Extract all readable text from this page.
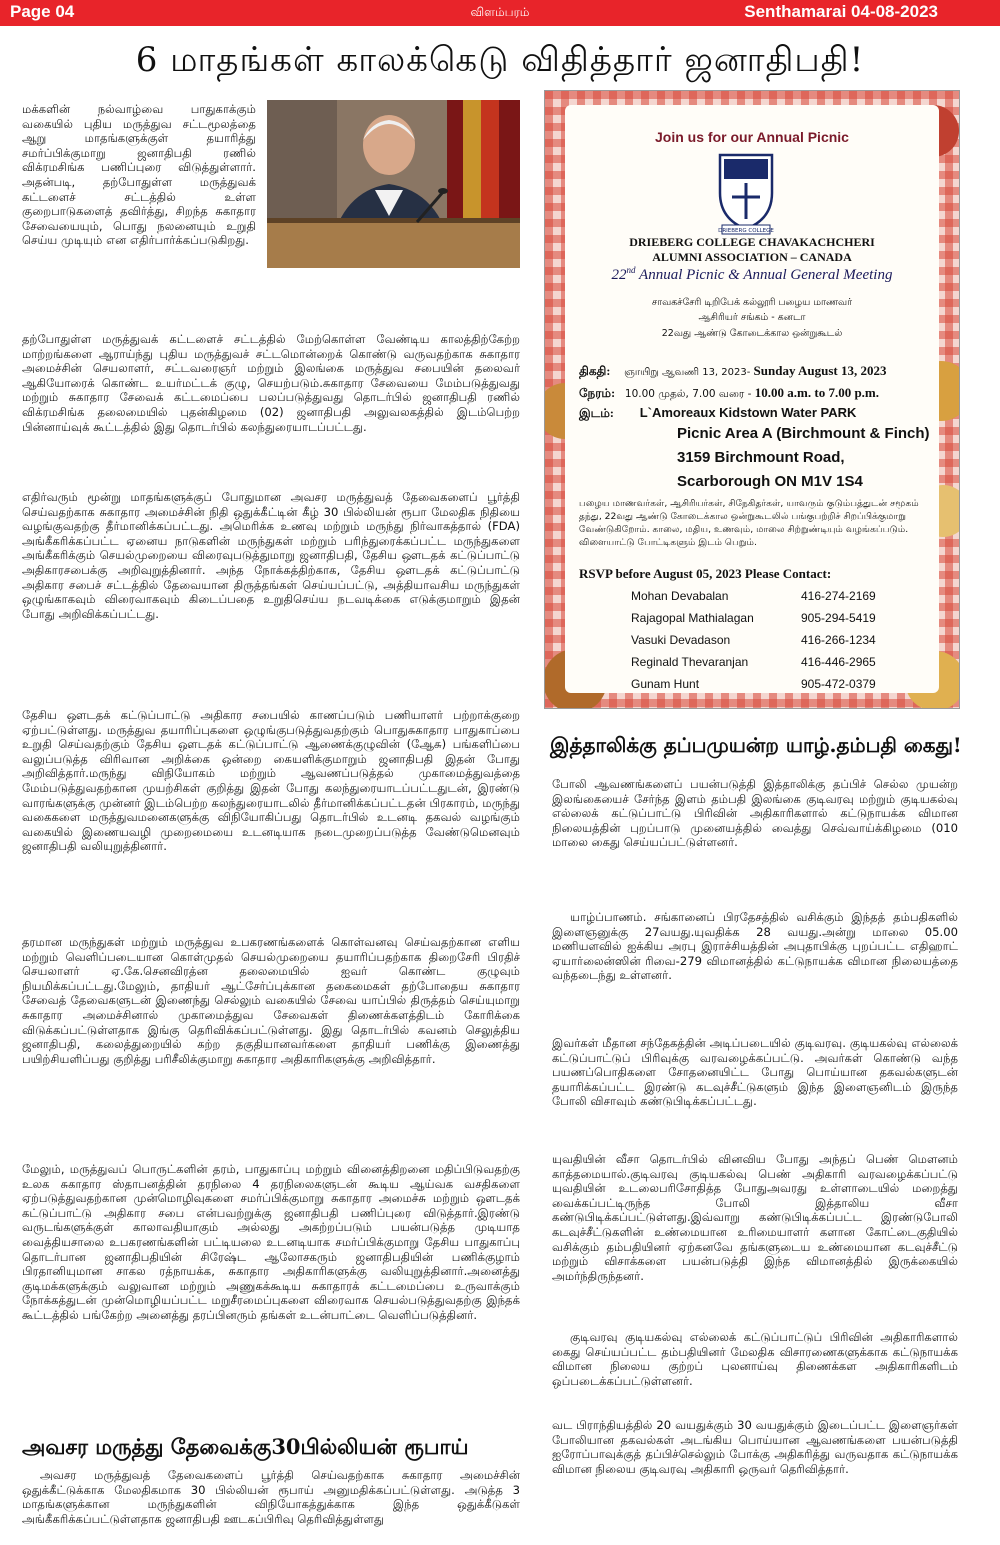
Page 04	விளம்பரம்	Senthamarai 04-08-2023
6 மாதங்கள் காலக்கெடு விதித்தார் ஜனாதிபதி!

மக்களின் நல்வாழ்வை பாதுகாக்கும் வகையில் புதிய மருத்துவ சட்டமூலத்தை ஆறு மாதங்களுக்குள் தயாரித்து சமர்ப்பிக்குமாறு ஜனாதிபதி ரணில் விக்ரமசிங்க பணிப்புரை விடுத்துள்ளார். அதன்படி, தற்போதுள்ள மருத்துவக் கட்டளைச் சட்டத்தில் உள்ள குறைபாடுகளைத் தவிர்த்து, சிறந்த சுகாதார சேவையையும், பொது நலனையும் உறுதி செய்ய முடியும் என எதிர்பார்க்கப்படுகிறது.

தற்போதுள்ள மருத்துவக் கட்டளைச் சட்டத்தில் மேற்கொள்ள வேண்டிய காலத்திற்கேற்ற மாற்றங்களை ஆராய்ந்து புதிய மருத்துவச் சட்டமொன்றைக் கொண்டு வருவதற்காக சுகாதார அமைச்சின் செயலாளர், சட்டவரைஞர் மற்றும் இலங்கை மருத்துவ சபையின் தலைவர் ஆகியோரைக் கொண்ட உயர்மட்டக் குழு, செயற்படும்.சுகாதார சேவையை மேம்படுத்துவது மற்றும் சுகாதார சேவைக் கட்டமைப்பை பலப்படுத்துவது தொடர்பில் ஜனாதிபதி ரணில் விக்ரமசிங்க தலைமையில் புதன்கிழமை (02) ஜனாதிபதி அலுவலகத்தில் இடம்பெற்ற பின்னாய்வுக் கூட்டத்தில் இது தொடர்பில் கலந்துரையாடப்பட்டது.

எதிர்வரும் மூன்று மாதங்களுக்குப் போதுமான அவசர மருத்துவத் தேவைகளைப் பூர்த்தி செய்வதற்காக சுகாதார அமைச்சின் நிதி ஒதுக்கீட்டின் கீழ் 30 பில்லியன் ரூபா மேலதிக நிதியை வழங்குவதற்கு தீர்மானிக்கப்பட்டது. அமெரிக்க உணவு மற்றும் மருந்து நிர்வாகத்தால் (FDA) அங்கீகரிக்கப்பட்ட ஏனைய நாடுகளின் மருந்துகள் மற்றும் பரிந்துரைக்கப்பட்ட மருந்துகளை அங்கீகரிக்கும் செயல்முறையை விரைவுபடுத்துமாறு ஜனாதிபதி, தேசிய ஔடதக் கட்டுப்பாட்டு அதிகாரசபைக்கு அறிவுறுத்தினார். அந்த நோக்கத்திற்காக, தேசிய ஔடதக் கட்டுப்பாட்டு அதிகார சபைச் சட்டத்தில் தேவையான திருத்தங்கள் செய்யப்பட்டு, அத்தியாவசிய மருந்துகள் ஒழுங்காகவும் விரைவாகவும் கிடைப்பதை உறுதிசெய்ய நடவடிக்கை எடுக்குமாறும் இதன் போது அறிவிக்கப்பட்டது.

தேசிய ஔடதக் கட்டுப்பாட்டு அதிகார சபையில் காணப்படும் பணியாளர் பற்றாக்குறை ஏற்பட்டுள்ளது. மருத்துவ தயாரிப்புகளை ஒழுங்குபடுத்துவதற்கும் பொதுசுகாதார பாதுகாப்பை உறுதி செய்வதற்கும் தேசிய ஔடதக் கட்டுப்பாட்டு ஆணைக்குழுவின் (ஆேசு) பங்களிப்பை வலுப்படுத்த விரிவான அறிக்கை ஒன்றை கையளிக்குமாறும் ஜனாதிபதி இதன் போது அறிவித்தார்.மருந்து விநியோகம் மற்றும் ஆவணப்படுத்தல் முகாமைத்துவத்தை மேம்படுத்துவதற்கான முயற்சிகள் குறித்து இதன் போது கலந்துரையாடப்பட்டதுடன், இரண்டு வாரங்களுக்கு முன்னர் இடம்பெற்ற கலந்துரையாடலில் தீர்மானிக்கப்பட்டதன் பிரகாரம், மருந்து வகைகளை மருத்துவமனைகளுக்கு விநியோகிப்பது தொடர்பில் உடனடி தகவல் வழங்கும் வகையில் இணையவழி முறைமையை உடனடியாக நடைமுறைப்படுத்த வேண்டுமெனவும் ஜனாதிபதி வலியுறுத்தினார்.

தரமான மருந்துகள் மற்றும் மருத்துவ உபகரணங்களைக் கொள்வனவு செய்வதற்கான எளிய மற்றும் வெளிப்படையான கொள்முதல் செயல்முறையை தயாரிப்பதற்காக திறைசேரி பிரதிச் செயலாளர் ஏ.கே.செனவிரத்ன தலைமையில் ஐவர் கொண்ட குழுவும் நியமிக்கப்பட்டது.மேலும், தாதியர் ஆட்சேர்ப்புக்கான தகைமைகள் தற்போதைய சுகாதார சேவைத் தேவைகளுடன் இணைந்து செல்லும் வகையில் சேவை யாப்பில் திருத்தம் செய்யுமாறு சுகாதார அமைச்சினால் முகாமைத்துவ சேவைகள் திணைக்களத்திடம் கோரிக்கை விடுக்கப்பட்டுள்ளதாக இங்கு தெரிவிக்கப்பட்டுள்ளது. இது தொடர்பில் கவனம் செலுத்திய ஜனாதிபதி, கலைத்துறையில் கற்ற தகுதியானவர்களை தாதியர் பணிக்கு இணைத்து பயிற்சியளிப்பது குறித்து பரிசீலிக்குமாறு சுகாதார அதிகாரிகளுக்கு அறிவித்தார்.

மேலும், மருத்துவப் பொருட்களின் தரம், பாதுகாப்பு மற்றும் வினைத்திறனை மதிப்பிடுவதற்கு உலக சுகாதார ஸ்தாபனத்தின் தரநிலை 4 தரநிலைகளுடன் கூடிய ஆய்வக வசதிகளை ஏற்படுத்துவதற்கான முன்மொழிவுகளை சமர்ப்பிக்குமாறு சுகாதார அமைச்சு மற்றும் ஔடதக் கட்டுப்பாட்டு அதிகார சபை என்பவற்றுக்கு ஜனாதிபதி பணிப்புரை விடுத்தார்.இரண்டு வருடங்களுக்குள் காலாவதியாகும் அல்லது அகற்றப்படும் பயன்படுத்த முடியாத வைத்தியசாலை உபகரணங்களின் பட்டியலை உடனடியாக சமர்ப்பிக்குமாறு தேசிய பாதுகாப்பு தொடர்பான ஜனாதிபதியின் சிரேஷ்ட ஆலோசகரும் ஜனாதிபதியின் பணிக்குழாம் பிரதானியுமான சாகல ரத்நாயக்க, சுகாதார அதிகாரிகளுக்கு வலியுறுத்தினார்.அனைத்து குடிமக்களுக்கும் வலுவான மற்றும் அணுகக்கூடிய சுகாதாரக் கட்டமைப்பை உருவாக்கும் நோக்கத்துடன் முன்மொழியப்பட்ட மறுசீரமைப்புகளை விரைவாக செயல்படுத்துவதற்கு இந்தக் கூட்டத்தில் பங்கேற்ற அனைத்து தரப்பினரும் தங்கள் உடன்பாட்டை வெளிப்படுத்தினர்.

அவசர மருத்து தேவைக்கு30பில்லியன் ரூபாய்

அவசர மருத்துவத் தேவைகளைப் பூர்த்தி செய்வதற்காக சுகாதார அமைச்சின் ஒதுக்கீட்டுக்காக மேலதிகமாக 30 பில்லியன் ரூபாய் அனுமதிக்கப்பட்டுள்ளது. அடுத்த 3 மாதங்களுக்கான மருந்துகளின் விநியோகத்துக்காக இந்த ஒதுக்கீடுகள் அங்கீகரிக்கப்பட்டுள்ளதாக ஜனாதிபதி ஊடகப்பிரிவு தெரிவித்துள்ளது

Join us for our Annual Picnic
DRIEBERG COLLEGE
DRIEBERG COLLEGE CHAVAKACHCHERI
ALUMNI ASSOCIATION – CANADA
22nd Annual Picnic & Annual General Meeting
சாவகச்சேரி டிறிபேக் கல்லூரி பழைய மாணவர்
ஆசிரியர் சங்கம் - கனடா
22வது ஆண்டு கோடைக்கால ஒன்றுகூடல்
திகதி: ஞாயிறு ஆவணி 13, 2023- Sunday August 13, 2023
நேரம்: 10.00 முதல், 7.00 வரை - 10.00 a.m. to 7.00 p.m.
இடம்: L`Amoreaux Kidstown Water PARK
Picnic Area A (Birchmount & Finch)
3159 Birchmount Road,
Scarborough ON M1V 1S4
பழைய மாணவர்கள், ஆசிரியர்கள், சிநேகிதர்கள், யாவரும் குடும்பத்துடன் சமூகம் தந்து, 22வது ஆண்டு கோடைக்கால ஒன்றுகூடலில் பங்குபற்றிச் சிறப்பிக்குமாறு வேண்டுகிறோம். காலை, மதிய, உணவும், மாலை சிற்றுண்டியும் வழங்கப்படும். விளையாட்டு போட்டிகளும் இடம் பெறும்.
RSVP before August 05, 2023 Please Contact:
Mohan Devabalan	416-274-2169
Rajagopal Mathialagan	905-294-5419
Vasuki Devadason	416-266-1234
Reginald Thevaranjan	416-446-2965
Gunam Hunt	905-472-0379
இத்தாலிக்கு தப்பமுயன்ற யாழ்.தம்பதி கைது!

போலி ஆவணங்களைப் பயன்படுத்தி இத்தாலிக்கு தப்பிச் செல்ல முயன்ற இலங்கையைச் சேர்ந்த இளம் தம்பதி இலங்கை குடிவரவு மற்றும் குடியகல்வு எல்லைக் கட்டுப்பாட்டு பிரிவின் அதிகாரிகளால் கட்டுநாயக்க விமான நிலையத்தின் புறப்பாடு முனையத்தில் வைத்து செவ்வாய்க்கிழமை (010 மாலை கைது செய்யப்பட்டுள்ளனர்.

யாழ்ப்பாணம். சங்கானைப் பிரதேசத்தில் வசிக்கும் இந்தத் தம்பதிகளில் இளைஞனுக்கு 27வயது.யுவதிக்க 28 வயது.அன்று மாலை 05.00 மணியளவில் ஐக்கிய அரபு இராச்சியத்தின் அபுதாபிக்கு புறப்பட்ட எதிஹாட் ஏயார்லைன்ஸின் ரிவை-279 விமானத்தில் கட்டுநாயக்க விமான நிலையத்தை வந்தடைந்து உள்ளனர்.

இவர்கள் மீதான சந்தேகத்தின் அடிப்படையில் குடிவரவு. குடியகல்வு எல்லைக் கட்டுப்பாட்டுப் பிரிவுக்கு வரவழைக்கப்பட்டு. அவர்கள் கொண்டு வந்த பயணப்பொதிகளை சோதனையிட்ட போது பொய்யான தகவல்களுடன் தயாரிக்கப்பட்ட இரண்டு கடவுச்சீட்டுகளும் இந்த இளைஞனிடம் இருந்த போலி விசாவும் கண்டுபிடிக்கப்பட்டது.

யுவதியின் வீசா தொடர்பில் வினவிய போது அந்தப் பெண் மௌனம் காத்தமையால்.குடிவரவு குடியகல்வு பெண் அதிகாரி வரவழைக்கப்பட்டு யுவதியின் உடலைபரிசோதித்த போதுஅவரது உள்ளாடையில் மறைத்து வைக்கப்பட்டிருந்த போலி இத்தாலிய வீசா கண்டுபிடிக்கப்பட்டுள்ளது.இவ்வாறு கண்டுபிடிக்கப்பட்ட இரண்டுபோலி கடவுச்சீட்டுகளின் உண்மையான உரிமையாளர் களான கோட்டைகுதியில் வசிக்கும் தம்பதியினர் ஏற்கனவே தங்களுடைய உண்மையான கடவுச்சீட்டு மற்றும் விசாக்களை பயன்படுத்தி இந்த விமானத்தில் இருக்கையில் அமர்ந்திருந்தனர்.

குடிவரவு குடியகல்வு எல்லைக் கட்டுப்பாட்டுப் பிரிவின் அதிகாரிகளால் கைது செய்யப்பட்ட தம்பதியினர் மேலதிக விசாரணைகளுக்காக கட்டுநாயக்க விமான நிலைய குற்றப் புலனாய்வு திணைக்கள அதிகாரிகளிடம் ஒப்படைக்கப்பட்டுள்ளனர்.

வட பிராந்தியத்தில் 20 வயதுக்கும் 30 வயதுக்கும் இடைப்பட்ட இளைஞர்கள் போலியான தகவல்கள் அடங்கிய பொய்யான ஆவணங்களை பயன்படுத்தி ஐரோப்பாவுக்குத் தப்பிச்செல்லும் போக்கு அதிகரித்து வருவதாக கட்டுநாயக்க விமான நிலைய குடிவரவு அதிகாரி ஒருவர் தெரிவித்தார்.
